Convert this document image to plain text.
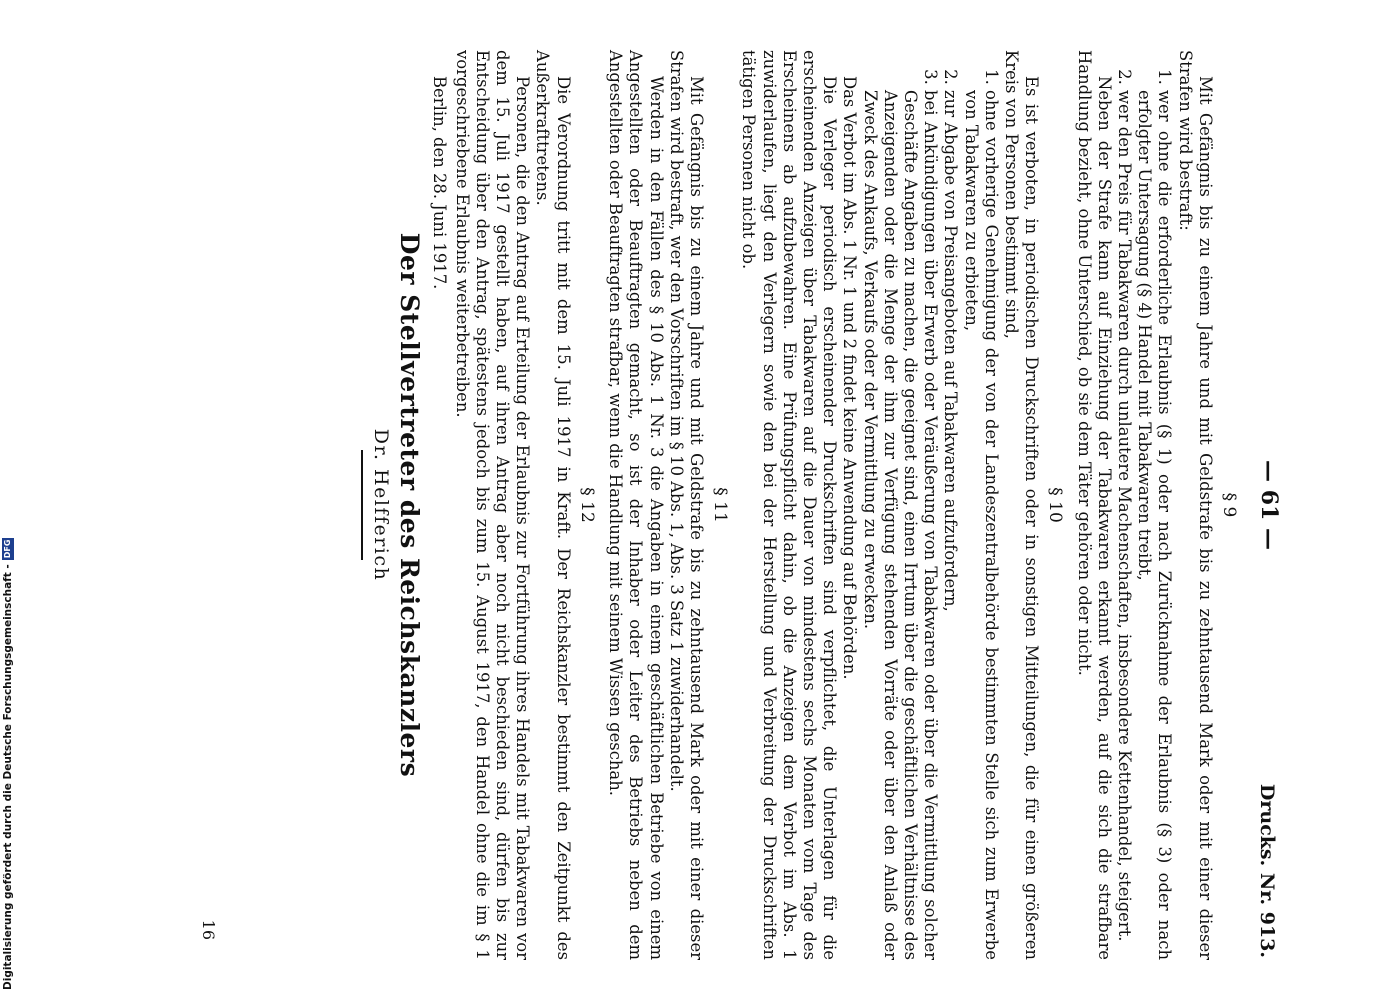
— 61 —
Drucks. Nr. 913.
§ 9

Mit Gefängnis bis zu einem Jahre und mit Geldstrafe bis zu zehntausend Mark oder mit einer dieser Strafen wird bestraft:

1. wer ohne die erforderliche Erlaubnis (§ 1) oder nach Zurücknahme der Erlaubnis (§ 3) oder nach erfolgter Untersagung (§ 4) Handel mit Tabakwaren treibt,
2. wer den Preis für Tabakwaren durch unlautere Machenschaften, insbesondere Kettenhandel, steigert.

Neben der Strafe kann auf Einziehung der Tabakwaren erkannt werden, auf die sich die strafbare Handlung bezieht, ohne Unterschied, ob sie dem Täter gehören oder nicht.

§ 10

Es ist verboten, in periodischen Druckschriften oder in sonstigen Mitteilungen, die für einen größeren Kreis von Personen bestimmt sind,

1. ohne vorherige Genehmigung der von der Landeszentralbehörde bestimmten Stelle sich zum Erwerbe von Tabakwaren zu erbieten,
2. zur Abgabe von Preisangeboten auf Tabakwaren aufzufordern,
3. bei Ankündigungen über Erwerb oder Veräußerung von Tabakwaren oder über die Vermittlung solcher Geschäfte Angaben zu machen, die geeignet sind, einen Irrtum über die geschäftlichen Verhältnisse des Anzeigenden oder die Menge der ihm zur Verfügung stehenden Vorräte oder über den Anlaß oder Zweck des Ankaufs, Verkaufs oder der Vermittlung zu erwecken.

Das Verbot im Abs. 1 Nr. 1 und 2 findet keine Anwendung auf Behörden.

Die Verleger periodisch erscheinender Druckschriften sind verpflichtet, die Unterlagen für die erscheinenden Anzeigen über Tabakwaren auf die Dauer von mindestens sechs Monaten vom Tage des Erscheinens ab aufzubewahren. Eine Prüfungspflicht dahin, ob die Anzeigen dem Verbot im Abs. 1 zuwiderlaufen, liegt den Verlegern sowie den bei der Herstellung und Verbreitung der Druckschriften tätigen Personen nicht ob.

§ 11

Mit Gefängnis bis zu einem Jahre und mit Geldstrafe bis zu zehntausend Mark oder mit einer dieser Strafen wird bestraft, wer den Vorschriften im § 10 Abs. 1, Abs. 3 Satz 1 zuwiderhandelt.

Werden in den Fällen des § 10 Abs. 1 Nr. 3 die Angaben in einem geschäftlichen Betriebe von einem Angestellten oder Beauftragten gemacht, so ist der Inhaber oder Leiter des Betriebs neben dem Angestellten oder Beauftragten strafbar, wenn die Handlung mit seinem Wissen geschah.

§ 12

Die Verordnung tritt mit dem 15. Juli 1917 in Kraft. Der Reichskanzler bestimmt den Zeitpunkt des Außerkrafttretens.

Personen, die den Antrag auf Erteilung der Erlaubnis zur Fortführung ihres Handels mit Tabakwaren vor dem 15. Juli 1917 gestellt haben, auf ihren Antrag aber noch nicht beschieden sind, dürfen bis zur Entscheidung über den Antrag, spätestens jedoch bis zum 15. August 1917, den Handel ohne die im § 1 vorgeschriebene Erlaubnis weiterbetreiben.

Berlin, den 28. Juni 1917.

Der Stellvertreter des Reichskanzlers
Dr. Helfferich
16
Digitalisierung gefördert durch die Deutsche Forschungsgemeinschaft -
DFG
